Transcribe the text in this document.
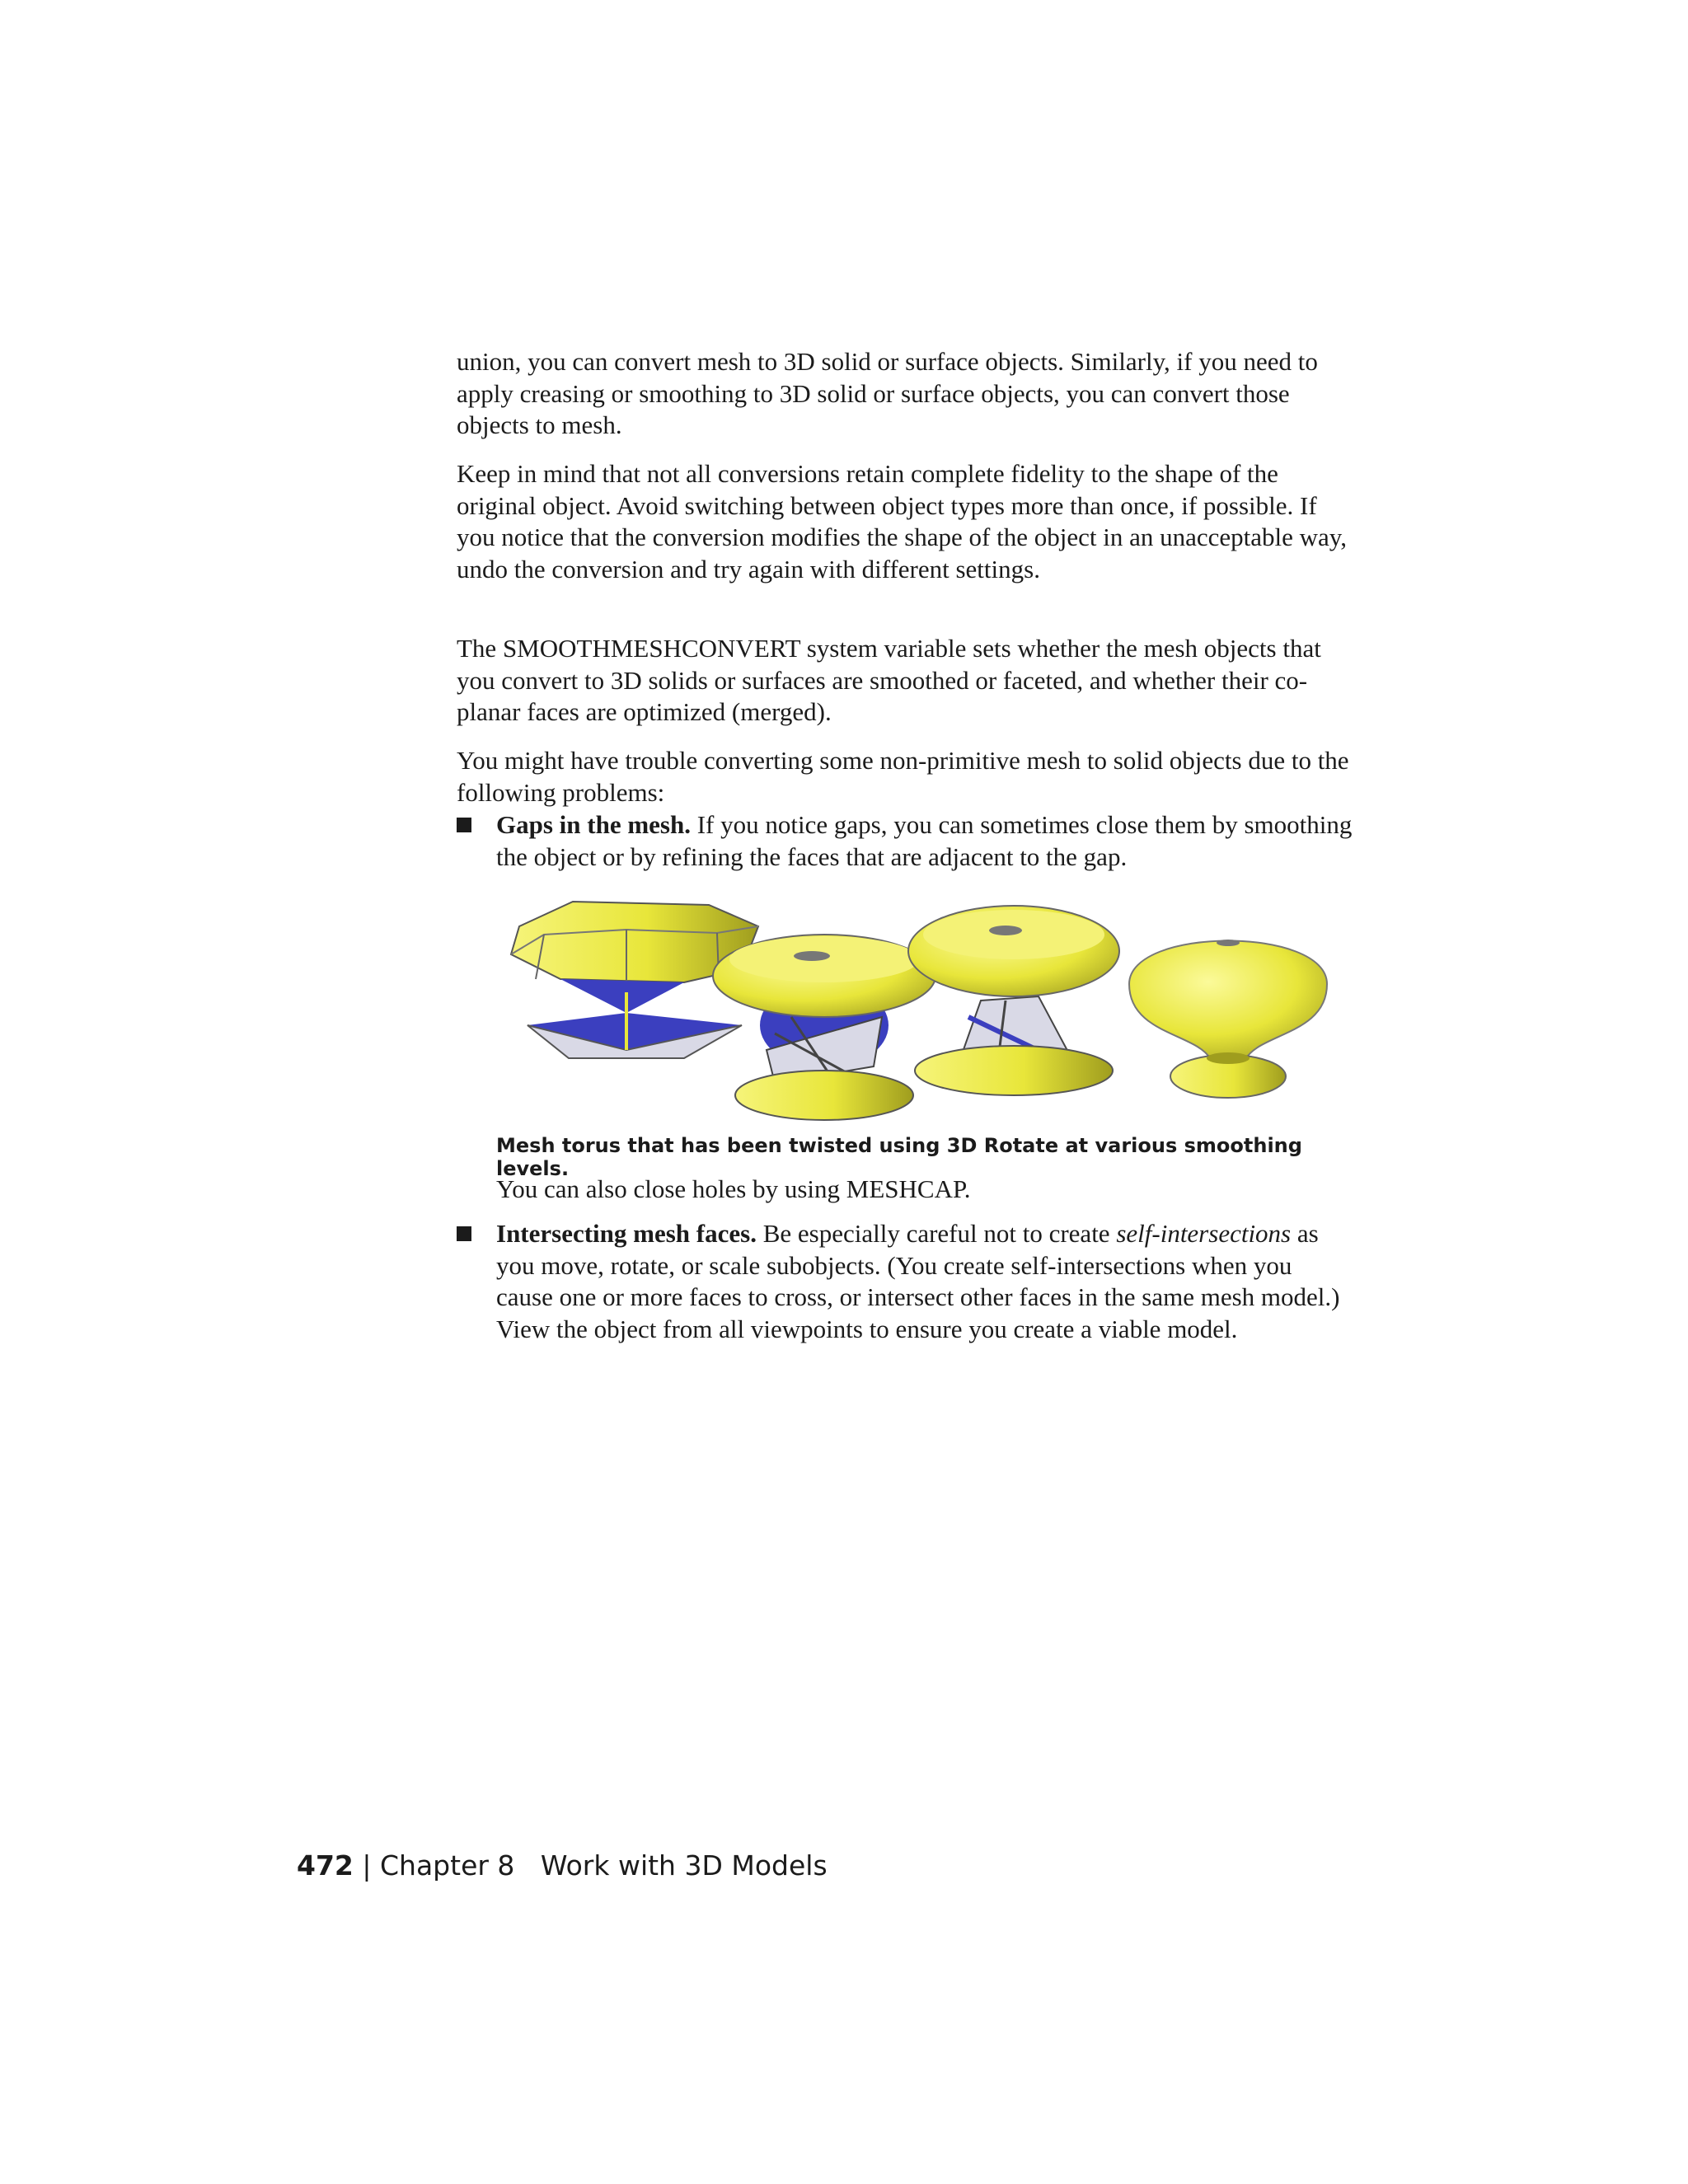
union, you can convert mesh to 3D solid or surface objects. Similarly, if you need to apply creasing or smoothing to 3D solid or surface objects, you can convert those objects to mesh.

Keep in mind that not all conversions retain complete fidelity to the shape of the original object. Avoid switching between object types more than once, if possible. If you notice that the conversion modifies the shape of the object in an unacceptable way, undo the conversion and try again with different settings.

The SMOOTHMESHCONVERT system variable sets whether the mesh objects that you convert to 3D solids or surfaces are smoothed or faceted, and whether their co-planar faces are optimized (merged).

You might have trouble converting some non-primitive mesh to solid objects due to the following problems:

Gaps in the mesh. If you notice gaps, you can sometimes close them by smoothing the object or by refining the faces that are adjacent to the gap.

Mesh torus that has been twisted using 3D Rotate at various smoothing levels.

You can also close holes by using MESHCAP.

Intersecting mesh faces. Be especially careful not to create self-intersections as you move, rotate, or scale subobjects. (You create self-intersections when you cause one or more faces to cross, or intersect other faces in the same mesh model.) View the object from all viewpoints to ensure you create a viable model.

472 | Chapter 8 Work with 3D Models
